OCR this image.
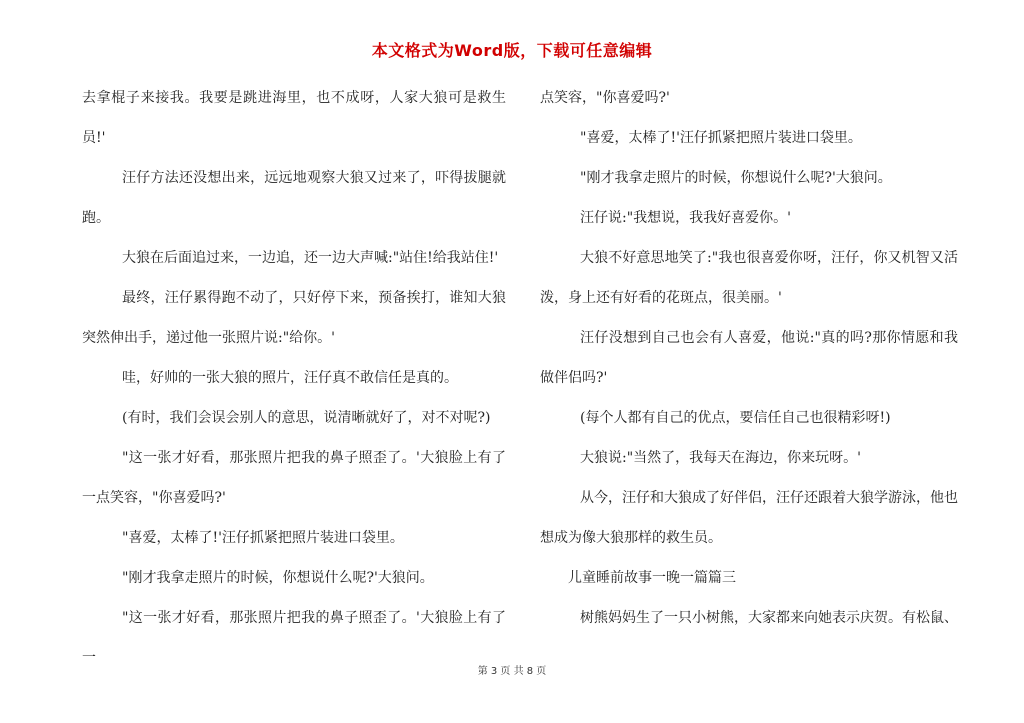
本文格式为Word版，下载可任意编辑

去拿棍子来接我。我要是跳进海里，也不成呀，人家大狼可是救生员!'

汪仔方法还没想出来，远远地观察大狼又过来了，吓得拔腿就跑。

大狼在后面追过来，一边追，还一边大声喊:"站住!给我站住!'

最终，汪仔累得跑不动了，只好停下来，预备挨打，谁知大狼突然伸出手，递过他一张照片说:"给你。'

哇，好帅的一张大狼的照片，汪仔真不敢信任是真的。

(有时，我们会误会别人的意思，说清晰就好了，对不对呢?)

"这一张才好看，那张照片把我的鼻子照歪了。'大狼脸上有了一点笑容，"你喜爱吗?'

"喜爱，太棒了!'汪仔抓紧把照片装进口袋里。

"刚才我拿走照片的时候，你想说什么呢?'大狼问。

"这一张才好看，那张照片把我的鼻子照歪了。'大狼脸上有了一

点笑容，"你喜爱吗?'

"喜爱，太棒了!'汪仔抓紧把照片装进口袋里。

"刚才我拿走照片的时候，你想说什么呢?'大狼问。

汪仔说:"我想说，我我好喜爱你。'

大狼不好意思地笑了:"我也很喜爱你呀，汪仔，你又机智又活泼，身上还有好看的花斑点，很美丽。'

汪仔没想到自己也会有人喜爱，他说:"真的吗?那你情愿和我做伴侣吗?'

(每个人都有自己的优点，要信任自己也很精彩呀!)

大狼说:"当然了，我每天在海边，你来玩呀。'

从今，汪仔和大狼成了好伴侣，汪仔还跟着大狼学游泳，他也想成为像大狼那样的救生员。

儿童睡前故事一晚一篇篇三

树熊妈妈生了一只小树熊，大家都来向她表示庆贺。有松鼠、

第 3 页 共 8 页
